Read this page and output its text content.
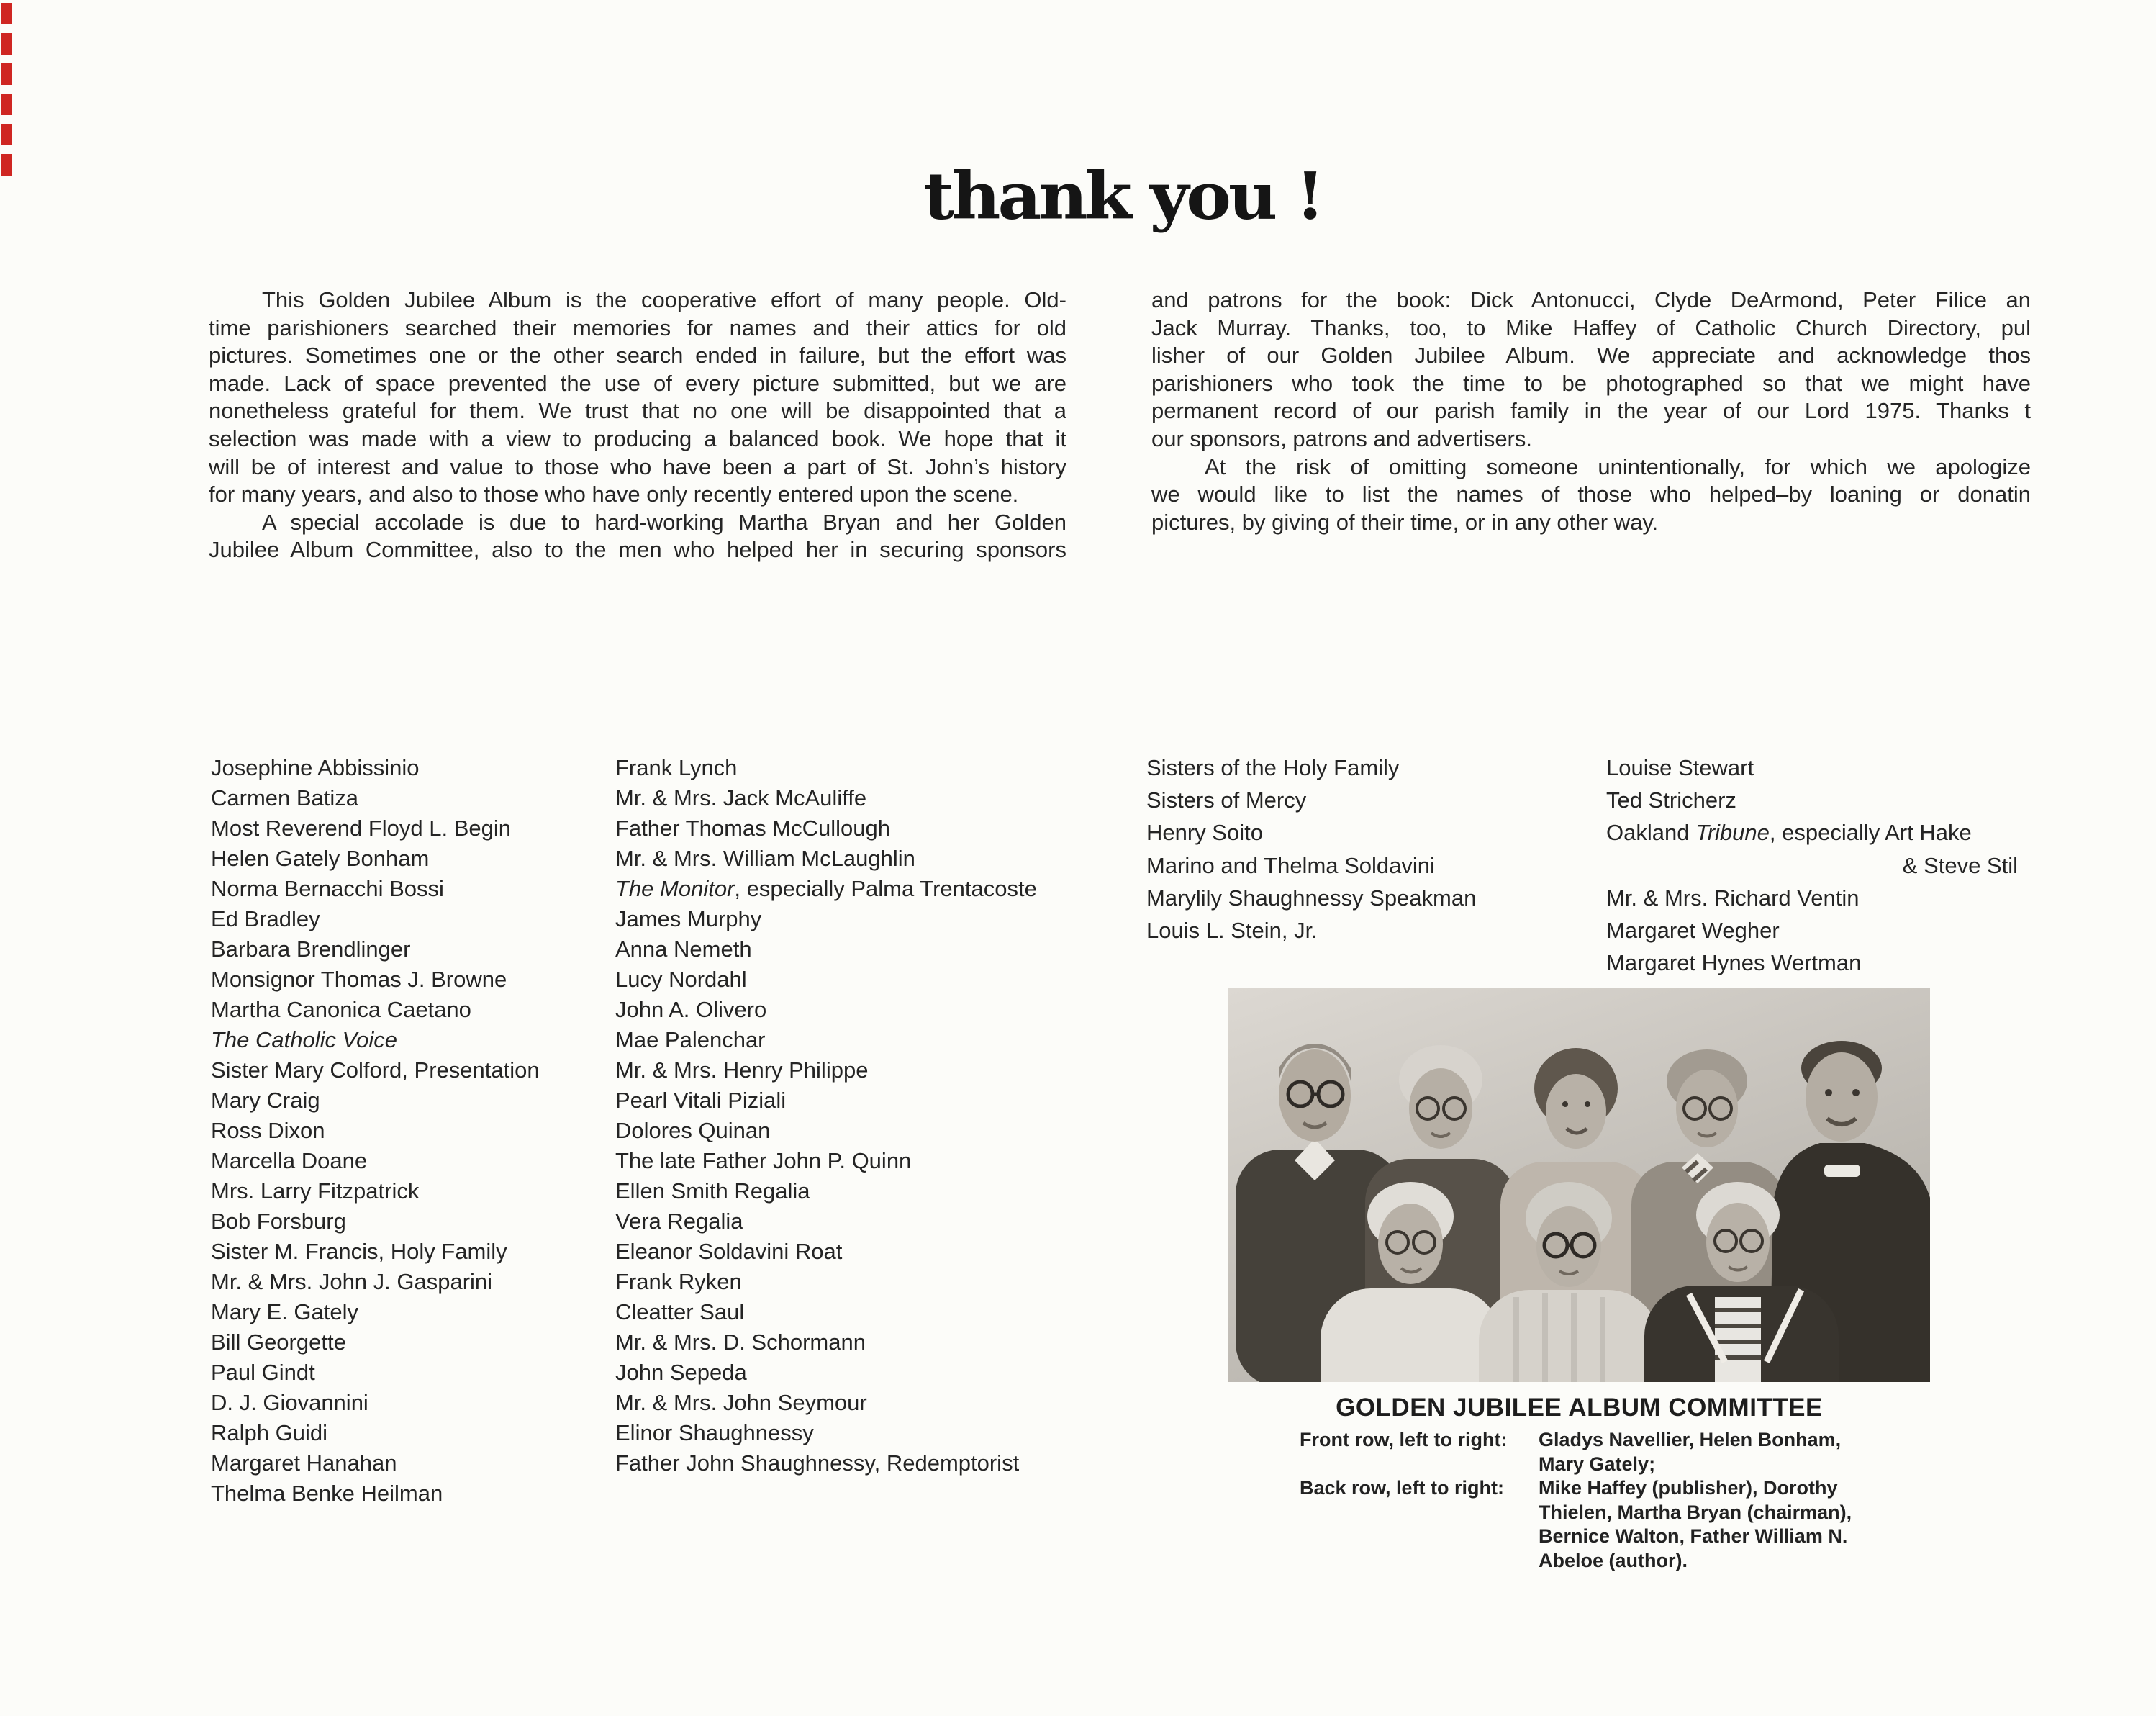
thank you !
This Golden Jubilee Album is the cooperative effort of many people. Old-
time parishioners searched their memories for names and their attics for old
pictures. Sometimes one or the other search ended in failure, but the effort was
made. Lack of space prevented the use of every picture submitted, but we are
nonetheless grateful for them. We trust that no one will be disappointed that a
selection was made with a view to producing a balanced book. We hope that it
will be of interest and value to those who have been a part of St. John’s history
for many years, and also to those who have only recently entered upon the scene.
A special accolade is due to hard-working Martha Bryan and her Golden
Jubilee Album Committee, also to the men who helped her in securing sponsors
and patrons for the book: Dick Antonucci, Clyde DeArmond, Peter Filice an
Jack Murray. Thanks, too, to Mike Haffey of Catholic Church Directory, pul
lisher of our Golden Jubilee Album. We appreciate and acknowledge thos
parishioners who took the time to be photographed so that we might have
permanent record of our parish family in the year of our Lord 1975. Thanks t
our sponsors, patrons and advertisers.
At the risk of omitting someone unintentionally, for which we apologize
we would like to list the names of those who helped–by loaning or donatin
pictures, by giving of their time, or in any other way.
Josephine Abbissinio
Carmen Batiza
Most Reverend Floyd L. Begin
Helen Gately Bonham
Norma Bernacchi Bossi
Ed Bradley
Barbara Brendlinger
Monsignor Thomas J. Browne
Martha Canonica Caetano
The Catholic Voice
Sister Mary Colford, Presentation
Mary Craig
Ross Dixon
Marcella Doane
Mrs. Larry Fitzpatrick
Bob Forsburg
Sister M. Francis, Holy Family
Mr. & Mrs. John J. Gasparini
Mary E. Gately
Bill Georgette
Paul Gindt
D. J. Giovannini
Ralph Guidi
Margaret Hanahan
Thelma Benke Heilman
Frank Lynch
Mr. & Mrs. Jack McAuliffe
Father Thomas McCullough
Mr. & Mrs. William McLaughlin
The Monitor, especially Palma Trentacoste
James Murphy
Anna Nemeth
Lucy Nordahl
John A. Olivero
Mae Palenchar
Mr. & Mrs. Henry Philippe
Pearl Vitali Piziali
Dolores Quinan
The late Father John P. Quinn
Ellen Smith Regalia
Vera Regalia
Eleanor Soldavini Roat
Frank Ryken
Cleatter Saul
Mr. & Mrs. D. Schormann
John Sepeda
Mr. & Mrs. John Seymour
Elinor Shaughnessy
Father John Shaughnessy, Redemptorist
Sisters of the Holy Family
Sisters of Mercy
Henry Soito
Marino and Thelma Soldavini
Marylily Shaughnessy Speakman
Louis L. Stein, Jr.
Louise Stewart
Ted Stricherz
Oakland Tribune, especially Art Hake
& Steve Stil
Mr. & Mrs. Richard Ventin
Margaret Wegher
Margaret Hynes Wertman
GOLDEN JUBILEE ALBUM COMMITTEE
Front row, left to right:	Gladys Navellier, Helen Bonham,
Mary Gately;
Back row, left to right:	Mike Haffey (publisher), Dorothy
Thielen, Martha Bryan (chairman),
Bernice Walton, Father William N.
Abeloe (author).
